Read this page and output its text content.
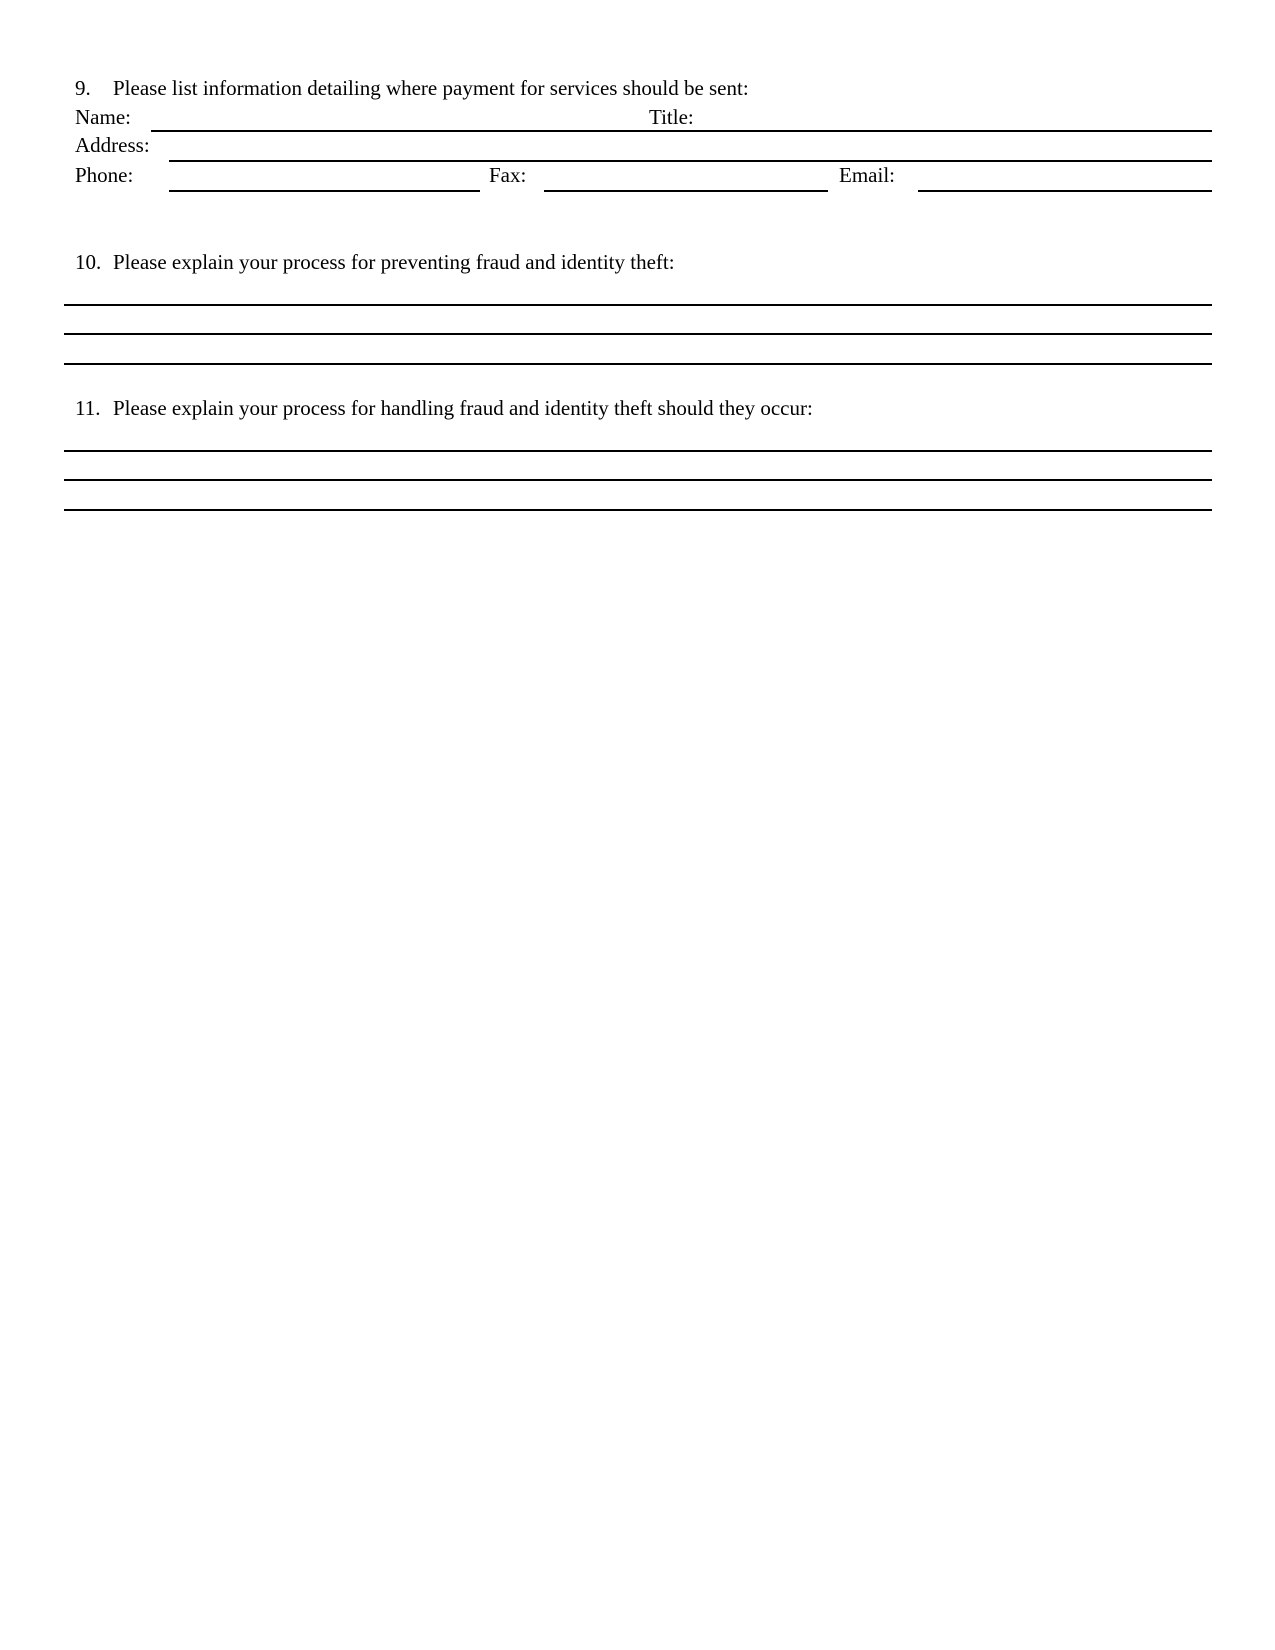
9. Please list information detailing where payment for services should be sent:
Name:	Title:
Address:
Phone:	Fax:	Email:
10. Please explain your process for preventing fraud and identity theft:
11. Please explain your process for handling fraud and identity theft should they occur:
